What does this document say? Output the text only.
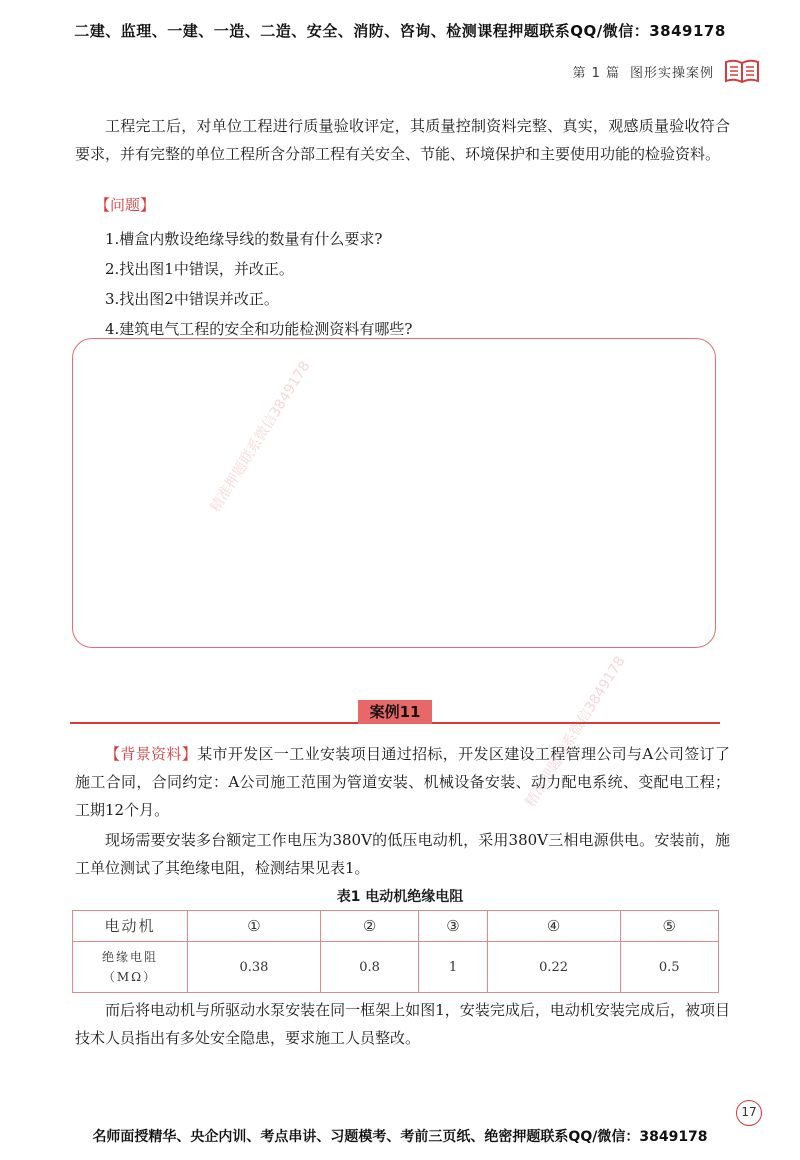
二建、监理、一建、一造、二造、安全、消防、咨询、检测课程押题联系QQ/微信：3849178
第 1 篇 图形实操案例

工程完工后，对单位工程进行质量验收评定，其质量控制资料完整、真实，观感质量验收符合要求，并有完整的单位工程所含分部工程有关安全、节能、环境保护和主要使用功能的检验资料。

【问题】
1.槽盒内敷设绝缘导线的数量有什么要求?
2.找出图1中错误，并改正。
3.找出图2中错误并改正。
4.建筑电气工程的安全和功能检测资料有哪些?
精准押题联系微信3849178
案例11	精准押题联系微信3849178

【背景资料】某市开发区一工业安装项目通过招标，开发区建设工程管理公司与A公司签订了施工合同，合同约定：A公司施工范围为管道安装、机械设备安装、动力配电系统、变配电工程；工期12个月。

现场需要安装多台额定工作电压为380V的低压电动机，采用380V三相电源供电。安装前，施工单位测试了其绝缘电阻，检测结果见表1。

表1 电动机绝缘电阻
电动机	①	②	③	④	⑤
绝缘电阻
（MΩ）	0.38	0.8	1	0.22	0.5

而后将电动机与所驱动水泵安装在同一框架上如图1，安装完成后，电动机安装完成后，被项目技术人员指出有多处安全隐患，要求施工人员整改。

17
名师面授精华、央企内训、考点串讲、习题模考、考前三页纸、绝密押题联系QQ/微信：3849178
